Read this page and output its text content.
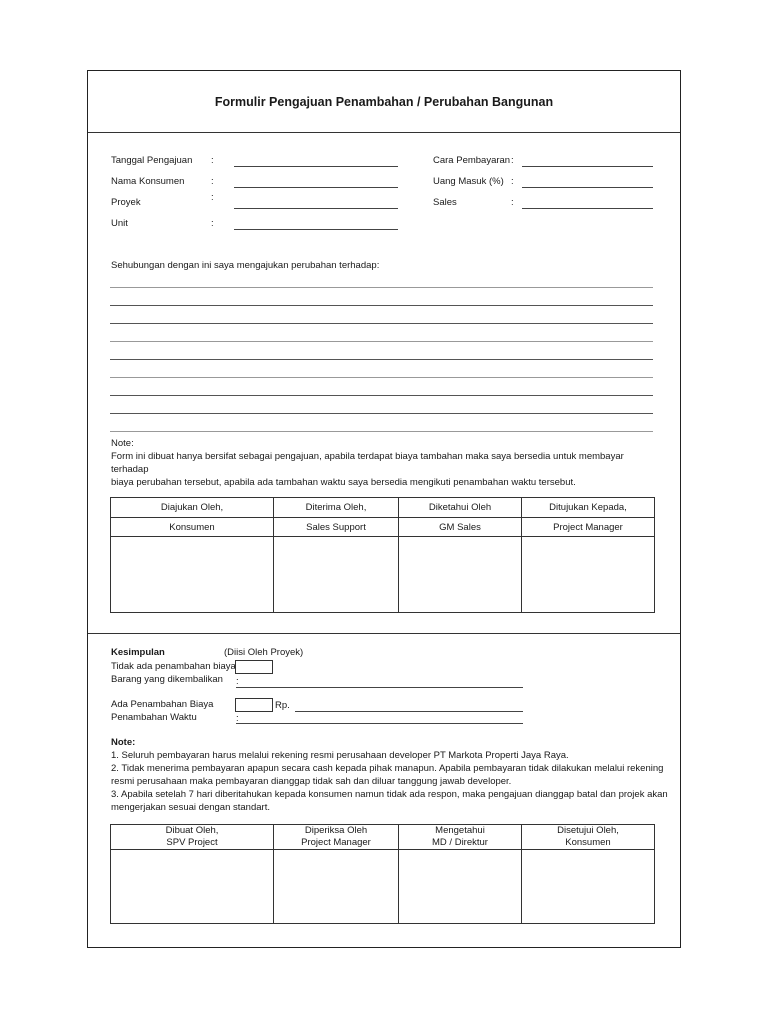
Formulir Pengajuan Penambahan / Perubahan Bangunan
Tanggal Pengajuan :
Nama Konsumen	:
Proyek	:
Unit	:
Cara Pembayaran :
Uang Masuk (%) :
Sales	:
Sehubungan dengan ini saya mengajukan perubahan terhadap:
Note:
Form ini dibuat hanya bersifat sebagai pengajuan, apabila terdapat biaya tambahan maka saya bersedia untuk membayar terhadap
biaya perubahan tersebut, apabila ada tambahan waktu saya bersedia mengikuti penambahan waktu tersebut.
Diajukan Oleh,	Diterima Oleh,	Diketahui Oleh	Ditujukan Kepada,
Konsumen	Sales Support	GM Sales	Project Manager

Kesimpulan	(Diisi Oleh Proyek)
Tidak ada penambahan biaya
Barang yang dikembalikan :
Ada Penambahan Biaya	Rp.
Penambahan Waktu	:
Note:
1. Seluruh pembayaran harus melalui rekening resmi perusahaan developer PT Markota Properti Jaya Raya.
2. Tidak menerima pembayaran apapun secara cash kepada pihak manapun. Apabila pembayaran tidak dilakukan melalui rekening
resmi perusahaan maka pembayaran dianggap tidak sah dan diluar tanggung jawab developer.
3. Apabila setelah 7 hari diberitahukan kepada konsumen namun tidak ada respon, maka pengajuan dianggap batal dan projek akan
mengerjakan sesuai dengan standart.
Dibuat Oleh,	Diperiksa Oleh	Mengetahui	Disetujui Oleh,
SPV Project	Project Manager	MD / Direktur	Konsumen
